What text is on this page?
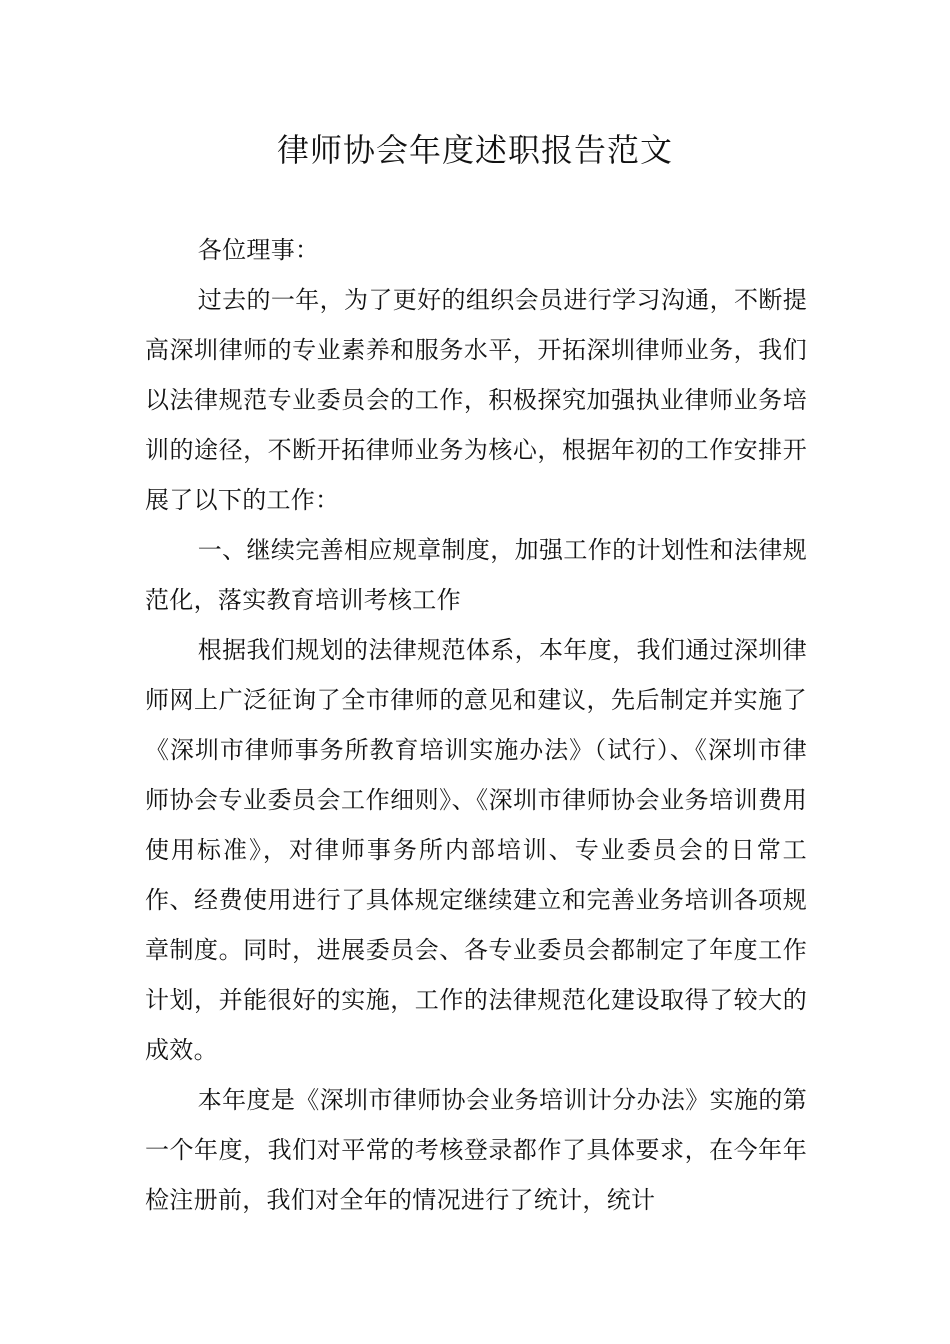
律师协会年度述职报告范文

各位理事：

过去的一年，为了更好的组织会员进行学习沟通，不断提高深圳律师的专业素养和服务水平，开拓深圳律师业务，我们以法律规范专业委员会的工作，积极探究加强执业律师业务培训的途径，不断开拓律师业务为核心，根据年初的工作安排开展了以下的工作：

一、继续完善相应规章制度，加强工作的计划性和法律规范化，落实教育培训考核工作

根据我们规划的法律规范体系，本年度，我们通过深圳律师网上广泛征询了全市律师的意见和建议，先后制定并实施了《深圳市律师事务所教育培训实施办法》（试行）、《深圳市律师协会专业委员会工作细则》、《深圳市律师协会业务培训费用使用标准》，对律师事务所内部培训、专业委员会的日常工作、经费使用进行了具体规定继续建立和完善业务培训各项规章制度。同时，进展委员会、各专业委员会都制定了年度工作计划，并能很好的实施，工作的法律规范化建设取得了较大的成效。

本年度是《深圳市律师协会业务培训计分办法》实施的第一个年度，我们对平常的考核登录都作了具体要求，在今年年检注册前，我们对全年的情况进行了统计，统计
